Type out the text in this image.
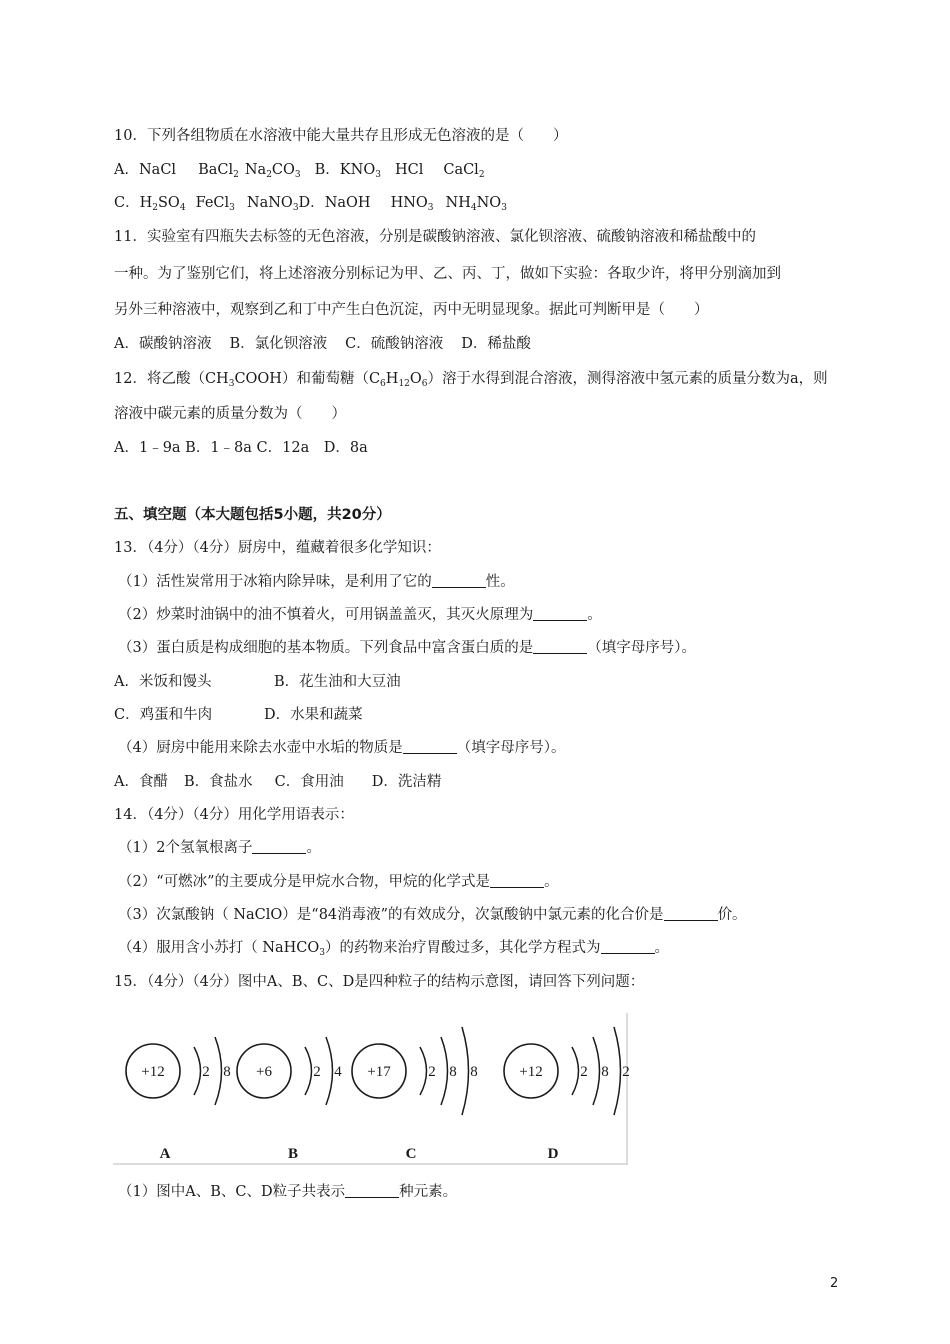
10．下列各组物质在水溶液中能大量共存且形成无色溶液的是（　　）
A．NaCl BaCl$_2$ $Na_2CO_3$ B．$KNO_3$ HCl CaCl$_2$
C．$H_2SO_4$ FeCl$_3$ NaNO$_3$D．NaOH $HNO_3$ $NH_4NO_3$
11．实验室有四瓶失去标签的无色溶液，分别是碳酸钠溶液、氯化钡溶液、硫酸钠溶液和稀盐酸中的
一种。为了鉴别它们，将上述溶液分别标记为甲、乙、丙、丁，做如下实验：各取少许，将甲分别滴加到
另外三种溶液中，观察到乙和丁中产生白色沉淀，丙中无明显现象。据此可判断甲是（　　）
A．碳酸钠溶液 B．氯化钡溶液 C．硫酸钠溶液 D．稀盐酸
12．将乙酸$(CH_3COOH)$和葡萄糖$(C_6H_{12}O_6)$溶于水得到混合溶液，测得溶液中氢元素的质量分数为a，则
溶液中碳元素的质量分数为（　　）
A．1﹣9a B．1﹣8a C．12a　D．8a
五、填空题（本大题包括5小题，共20分）
13．（4分）（4分）厨房中，蕴藏着很多化学知识：
（1）活性炭常用于冰箱内除异味，是利用了它的	性。
（2）炒菜时油锅中的油不慎着火，可用锅盖盖灭，其灭火原理为	。
（3）蛋白质是构成细胞的基本物质。下列食品中富含蛋白质的是	（填字母序号）。
A．米饭和馒头	B．花生油和大豆油
C．鸡蛋和牛肉	D．水果和蔬菜
（4）厨房中能用来除去水壶中水垢的物质是	（填字母序号）。
A．食醋 B．食盐水 C．食用油 D．洗洁精
14．（4分）（4分）用化学用语表示：
（1）2个氢氧根离子	。
（2）“可燃冰”的主要成分是甲烷水合物，甲烷的化学式是	。
（3）次氯酸钠（ NaClO）是“84消毒液”的有效成分，次氯酸钠中氯元素的化合价是	价。
（4）服用含小苏打（ NaHCO$_3$）的药物来治疗胃酸过多，其化学方程式为	。
15．（4分）（4分）图中A、B、C、D是四种粒子的结构示意图，请回答下列问题：
+12	2 8
A
+6	2 4
B
+17	2 8 8
C
+12	2 8 2
D
（1）图中A、B、C、D粒子共表示	种元素。
2
